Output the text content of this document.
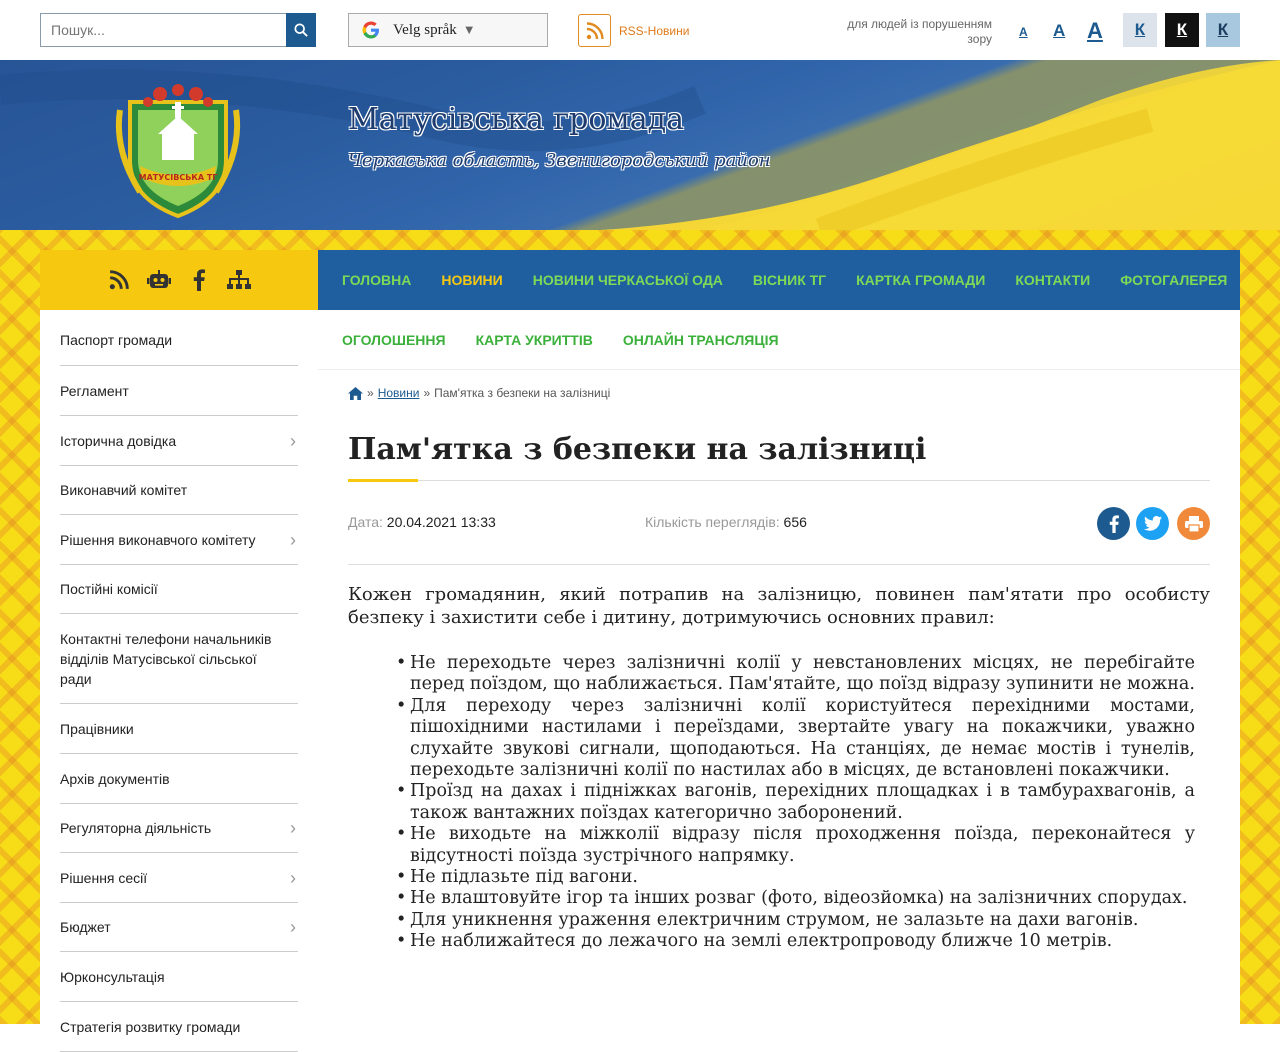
Пошук...
Velg språk ▼	RSS-Новини	для людей із порушенням зору A A A	К	К	К
МАТУСІВСЬКА ТГ
Матусівська громада
Черкаська область, Звенигородський район
Паспорт громади
Регламент
Історична довідка	›
Виконавчий комітет
Рішення виконавчого комітету ›
Постійні комісії
Контактні телефони начальників відділів Матусівської сільської ради
Працівники
Архів документів
Регуляторна діяльність	›
Рішення сесії	›
Бюджет	›
Юрконсультація
Стратегія розвитку громади
ГОЛОВНА НОВИНИ НОВИНИ ЧЕРКАСЬКОЇ ОДА ВІСНИК ТГ КАРТКА ГРОМАДИ КОНТАКТИ ФОТОГАЛЕРЕЯ
ОГОЛОШЕННЯ КАРТА УКРИТТІВ ОНЛАЙН ТРАНСЛЯЦІЯ
» Новини » Пам'ятка з безпеки на залізниці
Пам'ятка з безпеки на залізниці
Дата: 20.04.2021 13:33	Кількість переглядів: 656

Кожен громадянин, який потрапив на залізницю, повинен пам'ятати про особисту безпеку і захистити себе і дитину, дотримуючись основних правил:

• Не переходьте через залізничні колії у невстановлених місцях, не перебігайте перед поїздом, що наближається. Пам'ятайте, що поїзд відразу зупинити не можна.
• Для переходу через залізничні колії користуйтеся перехідними мостами, пішохідними настилами і переїздами, звертайте увагу на покажчики, уважно слухайте звукові сигнали, щоподаються. На станціях, де немає мостів і тунелів, переходьте залізничні колії по настилах або в місцях, де встановлені покажчики.
• Проїзд на дахах і підніжках вагонів, перехідних площадках і в тамбурахвагонів, а також вантажних поїздах категорично заборонений.
• Не виходьте на міжколії відразу після проходження поїзда, переконайтеся у відсутності поїзда зустрічного напрямку.
• Не підлазьте під вагони.
• Не влаштовуйте ігор та інших розваг (фото, відеозйомка) на залізничних спорудах.
• Для уникнення ураження електричним струмом, не залазьте на дахи вагонів.
• Не наближайтеся до лежачого на землі електропроводу ближче 10 метрів.
